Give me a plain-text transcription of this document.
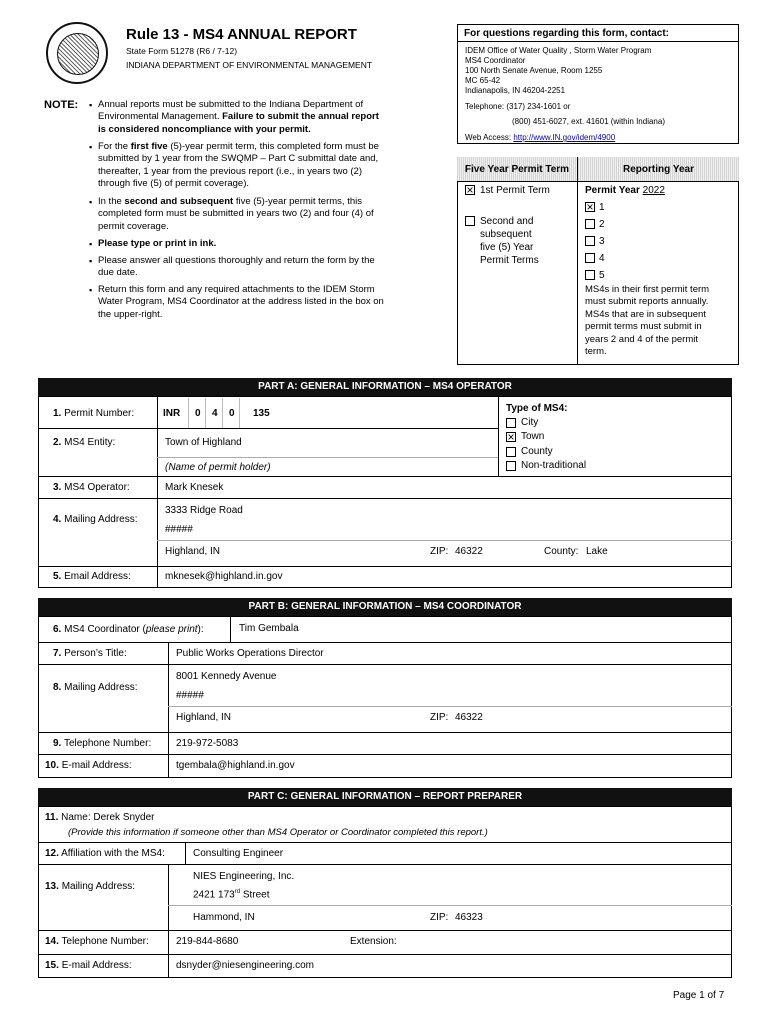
Rule 13 - MS4 ANNUAL REPORT
State Form 51278 (R6 / 7-12)
INDIANA DEPARTMENT OF ENVIRONMENTAL MANAGEMENT
For questions regarding this form, contact:
IDEM Office of Water Quality , Storm Water Program
MS4 Coordinator
100 North Senate Avenue, Room 1255
MC 65-42
Indianapolis, IN 46204-2251
Telephone: (317) 234-1601 or
(800) 451-6027, ext. 41601 (within Indiana)
Web Access: http://www.IN.gov/idem/4900
NOTE:
▪ Annual reports must be submitted to the Indiana Department of
Environmental Management. Failure to submit the annual report
is considered noncompliance with your permit.
▪ For the first five (5)-year permit term, this completed form must be
submitted by 1 year from the SWQMP – Part C submittal date and,
thereafter, 1 year from the previous report (i.e., in years two (2)
through five (5) of permit coverage).
▪ In the second and subsequent five (5)-year permit terms, this
completed form must be submitted in years two (2) and four (4) of
permit coverage.
▪ Please type or print in ink.
▪ Please answer all questions thoroughly and return the form by the
due date.
▪ Return this form and any required attachments to the IDEM Storm
Water Program, MS4 Coordinator at the address listed in the box on
the upper-right.
Five Year Permit Term	Reporting Year
×
1st Permit Term
Second and
subsequent
five (5) Year
Permit Terms
Permit Year 2022
×
1
2
3
4
5
MS4s in their first permit term
must submit reports annually.
MS4s that are in subsequent
permit terms must submit in
years 2 and 4 of the permit
term.
PART A: GENERAL INFORMATION – MS4 OPERATOR
1. Permit Number:	INR 0 4 0 135
2. MS4 Entity:	Town of Highland
(Name of permit holder)
Type of MS4:
City
×
Town
County
Non-traditional
3. MS4 Operator:	Mark Knesek
4. Mailing Address:
3333 Ridge Road
#####
Highland, IN	ZIP: 46322	County: Lake
5. Email Address:	mknesek@highland.in.gov
PART B: GENERAL INFORMATION – MS4 COORDINATOR
6. MS4 Coordinator (please print):	Tim Gembala
7. Person’s Title:	Public Works Operations Director
8. Mailing Address:
8001 Kennedy Avenue
#####
Highland, IN	ZIP: 46322
9. Telephone Number: 219-972-5083
10. E-mail Address:	tgembala@highland.in.gov
PART C: GENERAL INFORMATION – REPORT PREPARER
11. Name: Derek Snyder
(Provide this information if someone other than MS4 Operator or Coordinator completed this report.)
12. Affiliation with the MS4:	Consulting Engineer
13. Mailing Address:
NIES Engineering, Inc.
2421 173rd Street
Hammond, IN	ZIP: 46323
14. Telephone Number:	219-844-8680	Extension:
15. E-mail Address:	dsnyder@niesengineering.com
Page 1 of 7
